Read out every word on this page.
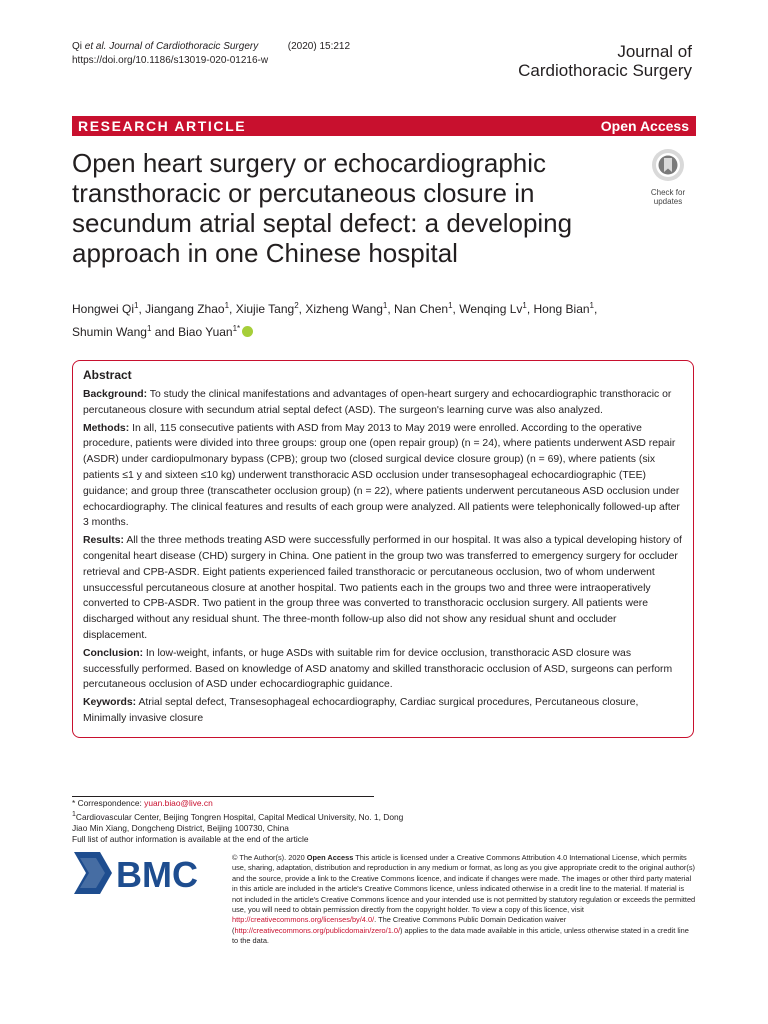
Qi et al. Journal of Cardiothoracic Surgery	(2020) 15:212
https://doi.org/10.1186/s13019-020-01216-w	Journal of
Cardiothoracic Surgery
RESEARCH ARTICLE	Open Access
Open heart surgery or echocardiographic transthoracic or percutaneous closure in secundum atrial septal defect: a developing approach in one Chinese hospital
Check for
updates
Hongwei Qi$^1$, Jiangang Zhao$^1$, Xiujie Tang$^2$, Xizheng Wang$^1$, Nan Chen$^1$, Wenqing Lv$^1$, Hong Bian$^1$,
Shumin Wang$^1$ and Biao Yuan$^{1*}$
Abstract

Background: To study the clinical manifestations and advantages of open-heart surgery and echocardiographic transthoracic or percutaneous closure with secundum atrial septal defect (ASD). The surgeon's learning curve was also analyzed.

Methods: In all, 115 consecutive patients with ASD from May 2013 to May 2019 were enrolled. According to the operative procedure, patients were divided into three groups: group one (open repair group) (n = 24), where patients underwent ASD repair (ASDR) under cardiopulmonary bypass (CPB); group two (closed surgical device closure group) (n = 69), where patients (six patients ≤1 y and sixteen ≤10 kg) underwent transthoracic ASD occlusion under transesophageal echocardiographic (TEE) guidance; and group three (transcatheter occlusion group) (n = 22), where patients underwent percutaneous ASD occlusion under echocardiography. The clinical features and results of each group were analyzed. All patients were telephonically followed-up after 3 months.

Results: All the three methods treating ASD were successfully performed in our hospital. It was also a typical developing history of congenital heart disease (CHD) surgery in China. One patient in the group two was transferred to emergency surgery for occluder retrieval and CPB-ASDR. Eight patients experienced failed transthoracic or percutaneous occlusion, two of whom underwent unsuccessful percutaneous closure at another hospital. Two patients each in the groups two and three were intraoperatively converted to CPB-ASDR. Two patient in the group three was converted to transthoracic occlusion surgery. All patients were discharged without any residual shunt. The three-month follow-up also did not show any residual shunt and occluder displacement.

Conclusion: In low-weight, infants, or huge ASDs with suitable rim for device occlusion, transthoracic ASD closure was successfully performed. Based on knowledge of ASD anatomy and skilled transthoracic occlusion of ASD, surgeons can perform percutaneous occlusion of ASD under echocardiographic guidance.

Keywords: Atrial septal defect, Transesophageal echocardiography, Cardiac surgical procedures, Percutaneous closure, Minimally invasive closure

* Correspondence: yuan.biao@live.cn
$^1$Cardiovascular Center, Beijing Tongren Hospital, Capital Medical University, No. 1, Dong Jiao Min Xiang, Dongcheng District, Beijing 100730, China
Full list of author information is available at the end of the article
BMC	© The Author(s). 2020 Open Access This article is licensed under a Creative Commons Attribution 4.0 International License, which permits use, sharing, adaptation, distribution and reproduction in any medium or format, as long as you give appropriate credit to the original author(s) and the source, provide a link to the Creative Commons licence, and indicate if changes were made. The images or other third party material in this article are included in the article's Creative Commons licence, unless indicated otherwise in a credit line to the material. If material is not included in the article's Creative Commons licence and your intended use is not permitted by statutory regulation or exceeds the permitted use, you will need to obtain permission directly from the copyright holder. To view a copy of this licence, visit http://creativecommons.org/licenses/by/4.0/. The Creative Commons Public Domain Dedication waiver (http://creativecommons.org/publicdomain/zero/1.0/) applies to the data made available in this article, unless otherwise stated in a credit line to the data.
